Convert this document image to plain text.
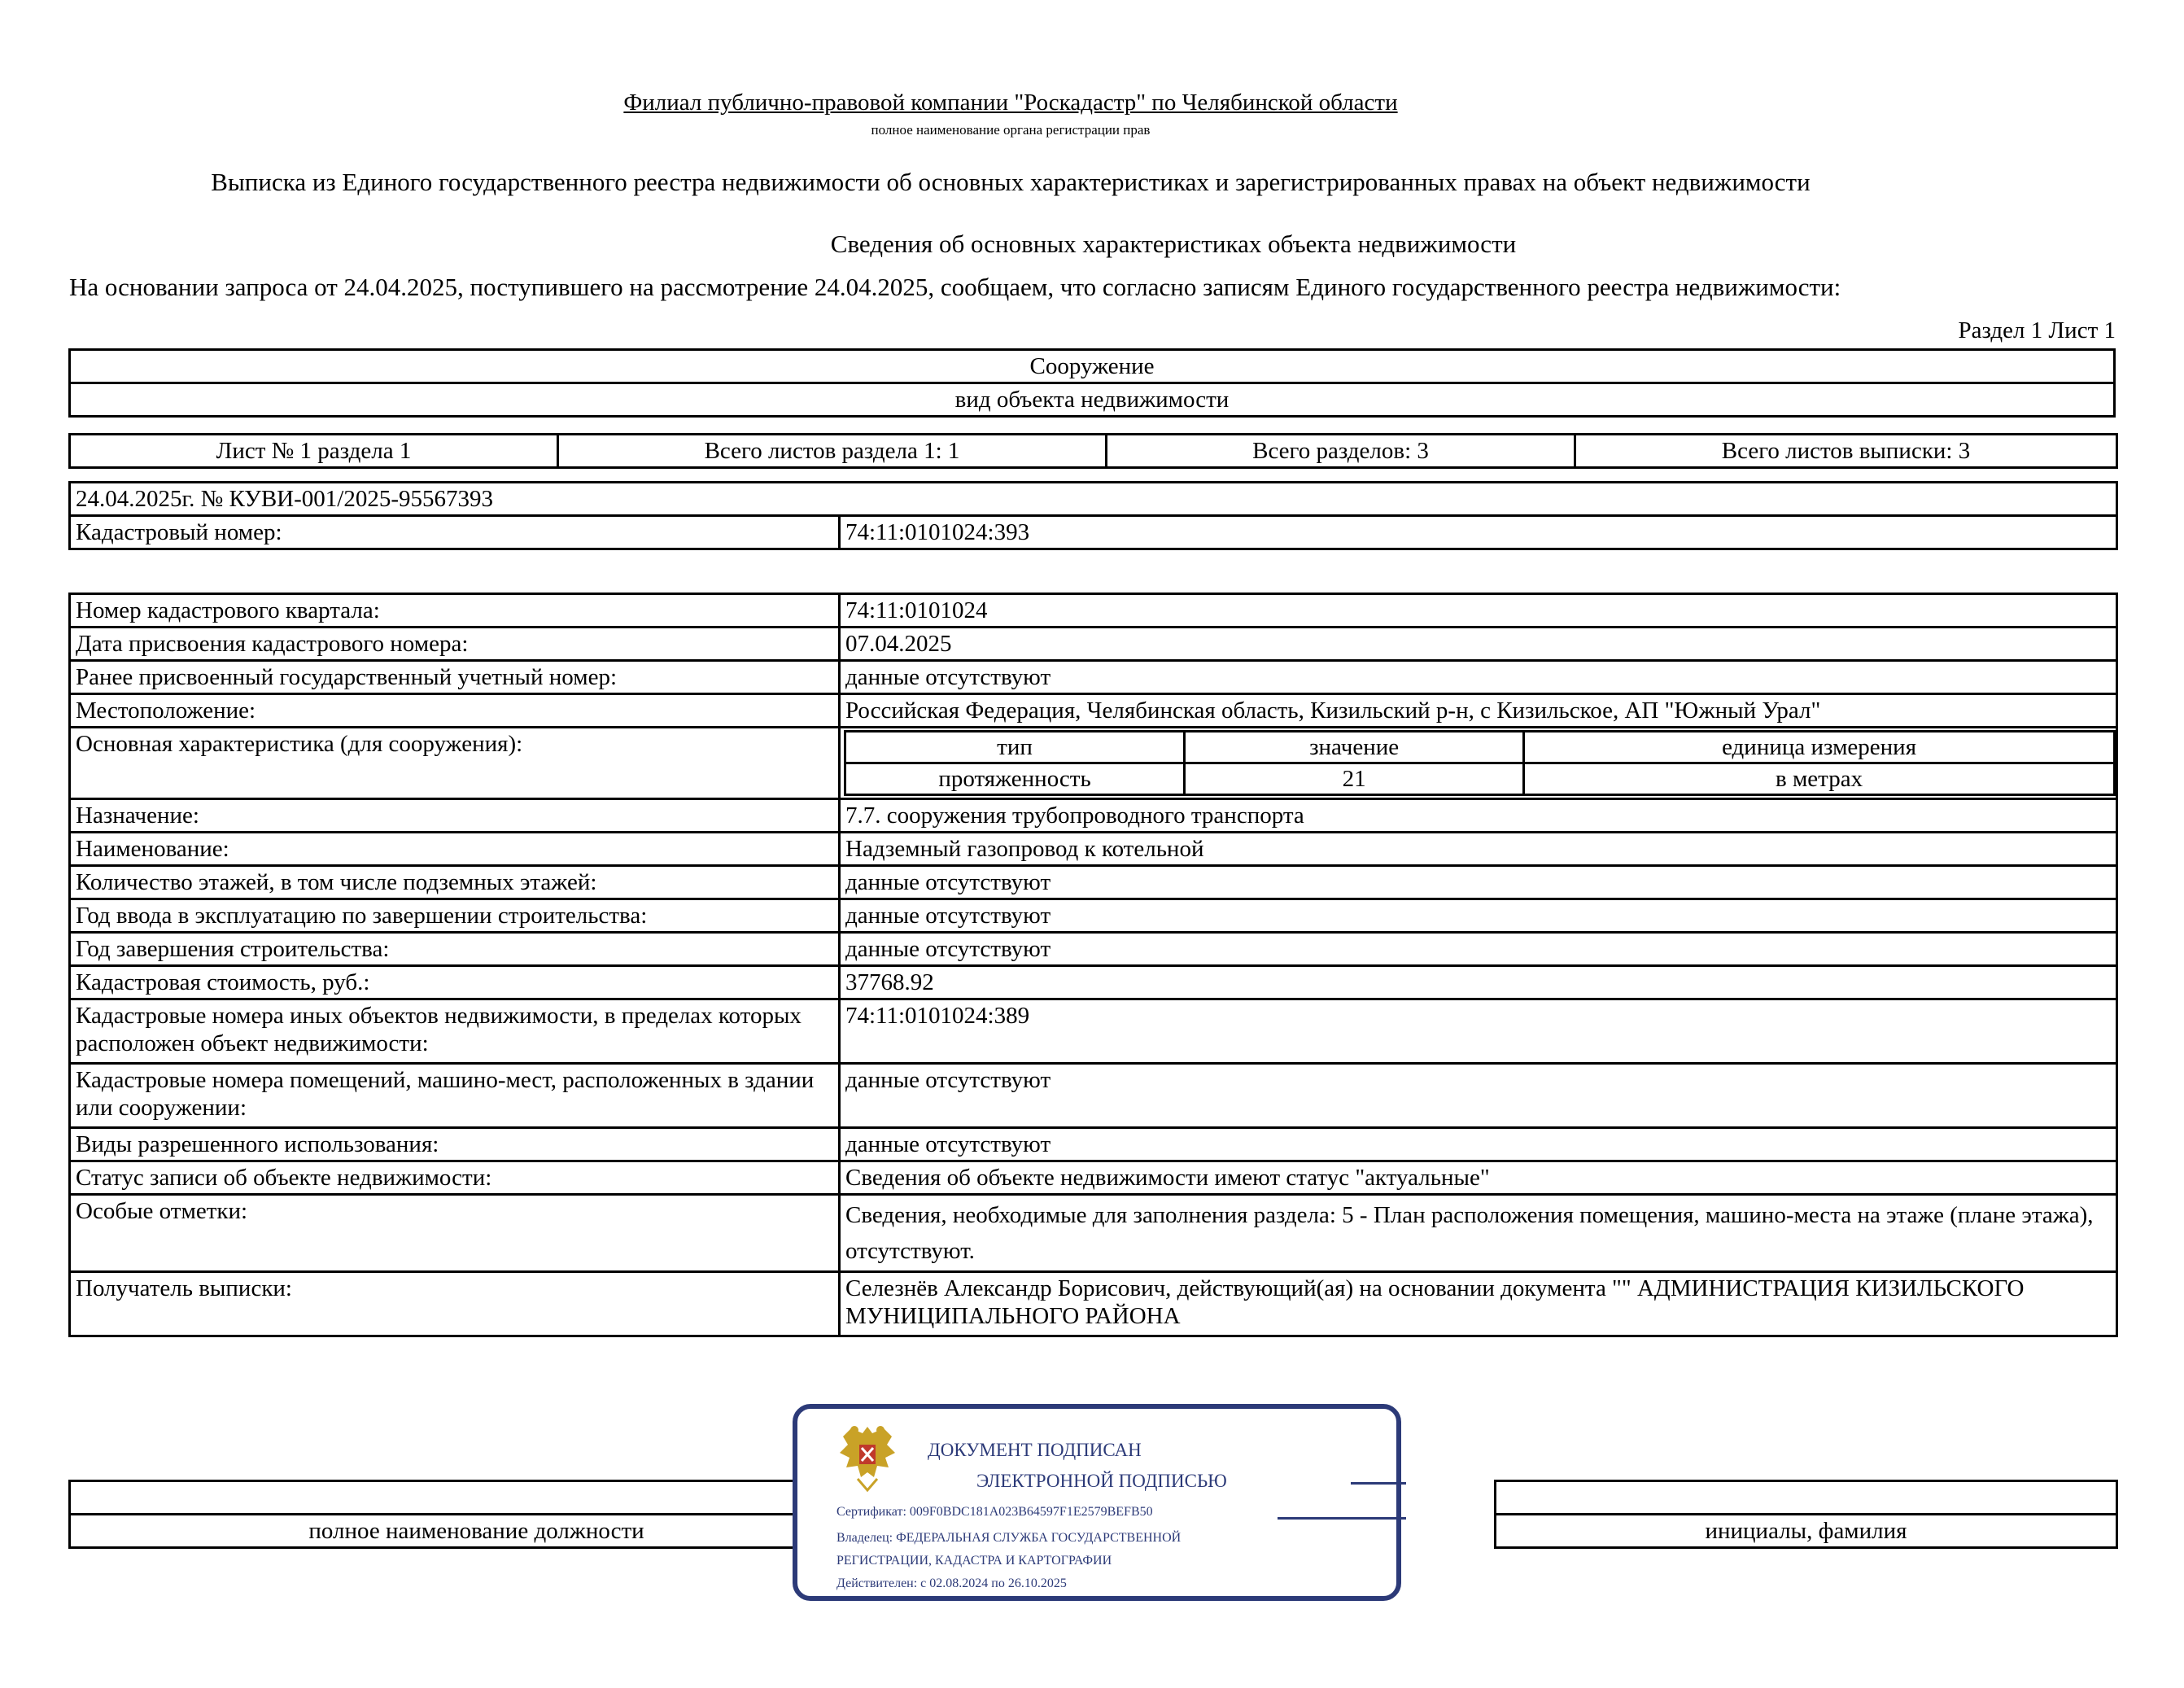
Филиал публично-правовой компании "Роскадастр" по Челябинской области
полное наименование органа регистрации прав
Выписка из Единого государственного реестра недвижимости об основных характеристиках и зарегистрированных правах на объект недвижимости
Сведения об основных характеристиках объекта недвижимости
На основании запроса от 24.04.2025, поступившего на рассмотрение 24.04.2025, сообщаем, что согласно записям Единого государственного реестра недвижимости:
Раздел 1 Лист 1
Сооружение
вид объекта недвижимости
Лист № 1 раздела 1	Всего листов раздела 1: 1	Всего разделов: 3	Всего листов выписки: 3
24.04.2025г. № КУВИ-001/2025-95567393
Кадастровый номер:	74:11:0101024:393
Номер кадастрового квартала:	74:11:0101024
Дата присвоения кадастрового номера:	07.04.2025
Ранее присвоенный государственный учетный номер:	данные отсутствуют
Местоположение:	Российская Федерация, Челябинская область, Кизильский р-н, с Кизильское, АП "Южный Урал"
Основная характеристика (для сооружения):		тип	значение	единица измерения
протяженность	21	в метрах

Назначение:	7.7. сооружения трубопроводного транспорта
Наименование:	Надземный газопровод к котельной
Количество этажей, в том числе подземных этажей:	данные отсутствуют
Год ввода в эксплуатацию по завершении строительства:	данные отсутствуют
Год завершения строительства:	данные отсутствуют
Кадастровая стоимость, руб.:	37768.92
Кадастровые номера иных объектов недвижимости, в пределах которых расположен объект недвижимости:	74:11:0101024:389
Кадастровые номера помещений, машино-мест, расположенных в здании или сооружении:	данные отсутствуют
Виды разрешенного использования:	данные отсутствуют
Статус записи об объекте недвижимости:	Сведения об объекте недвижимости имеют статус "актуальные"
Особые отметки:	Сведения, необходимые для заполнения раздела: 5 - План расположения помещения, машино-места на этаже (плане этажа), отсутствуют.
Получатель выписки:	Селезнёв Александр Борисович, действующий(ая) на основании документа "" АДМИНИСТРАЦИЯ КИЗИЛЬСКОГО МУНИЦИПАЛЬНОГО РАЙОНА

полное наименование должности		инициалы, фамилия
ДОКУМЕНТ ПОДПИСАН
ЭЛЕКТРОННОЙ ПОДПИСЬЮ
Сертификат: 009F0BDC181A023B64597F1E2579BEFB50
Владелец: ФЕДЕРАЛЬНАЯ СЛУЖБА ГОСУДАРСТВЕННОЙ
РЕГИСТРАЦИИ, КАДАСТРА И КАРТОГРАФИИ
Действителен: с 02.08.2024 по 26.10.2025
